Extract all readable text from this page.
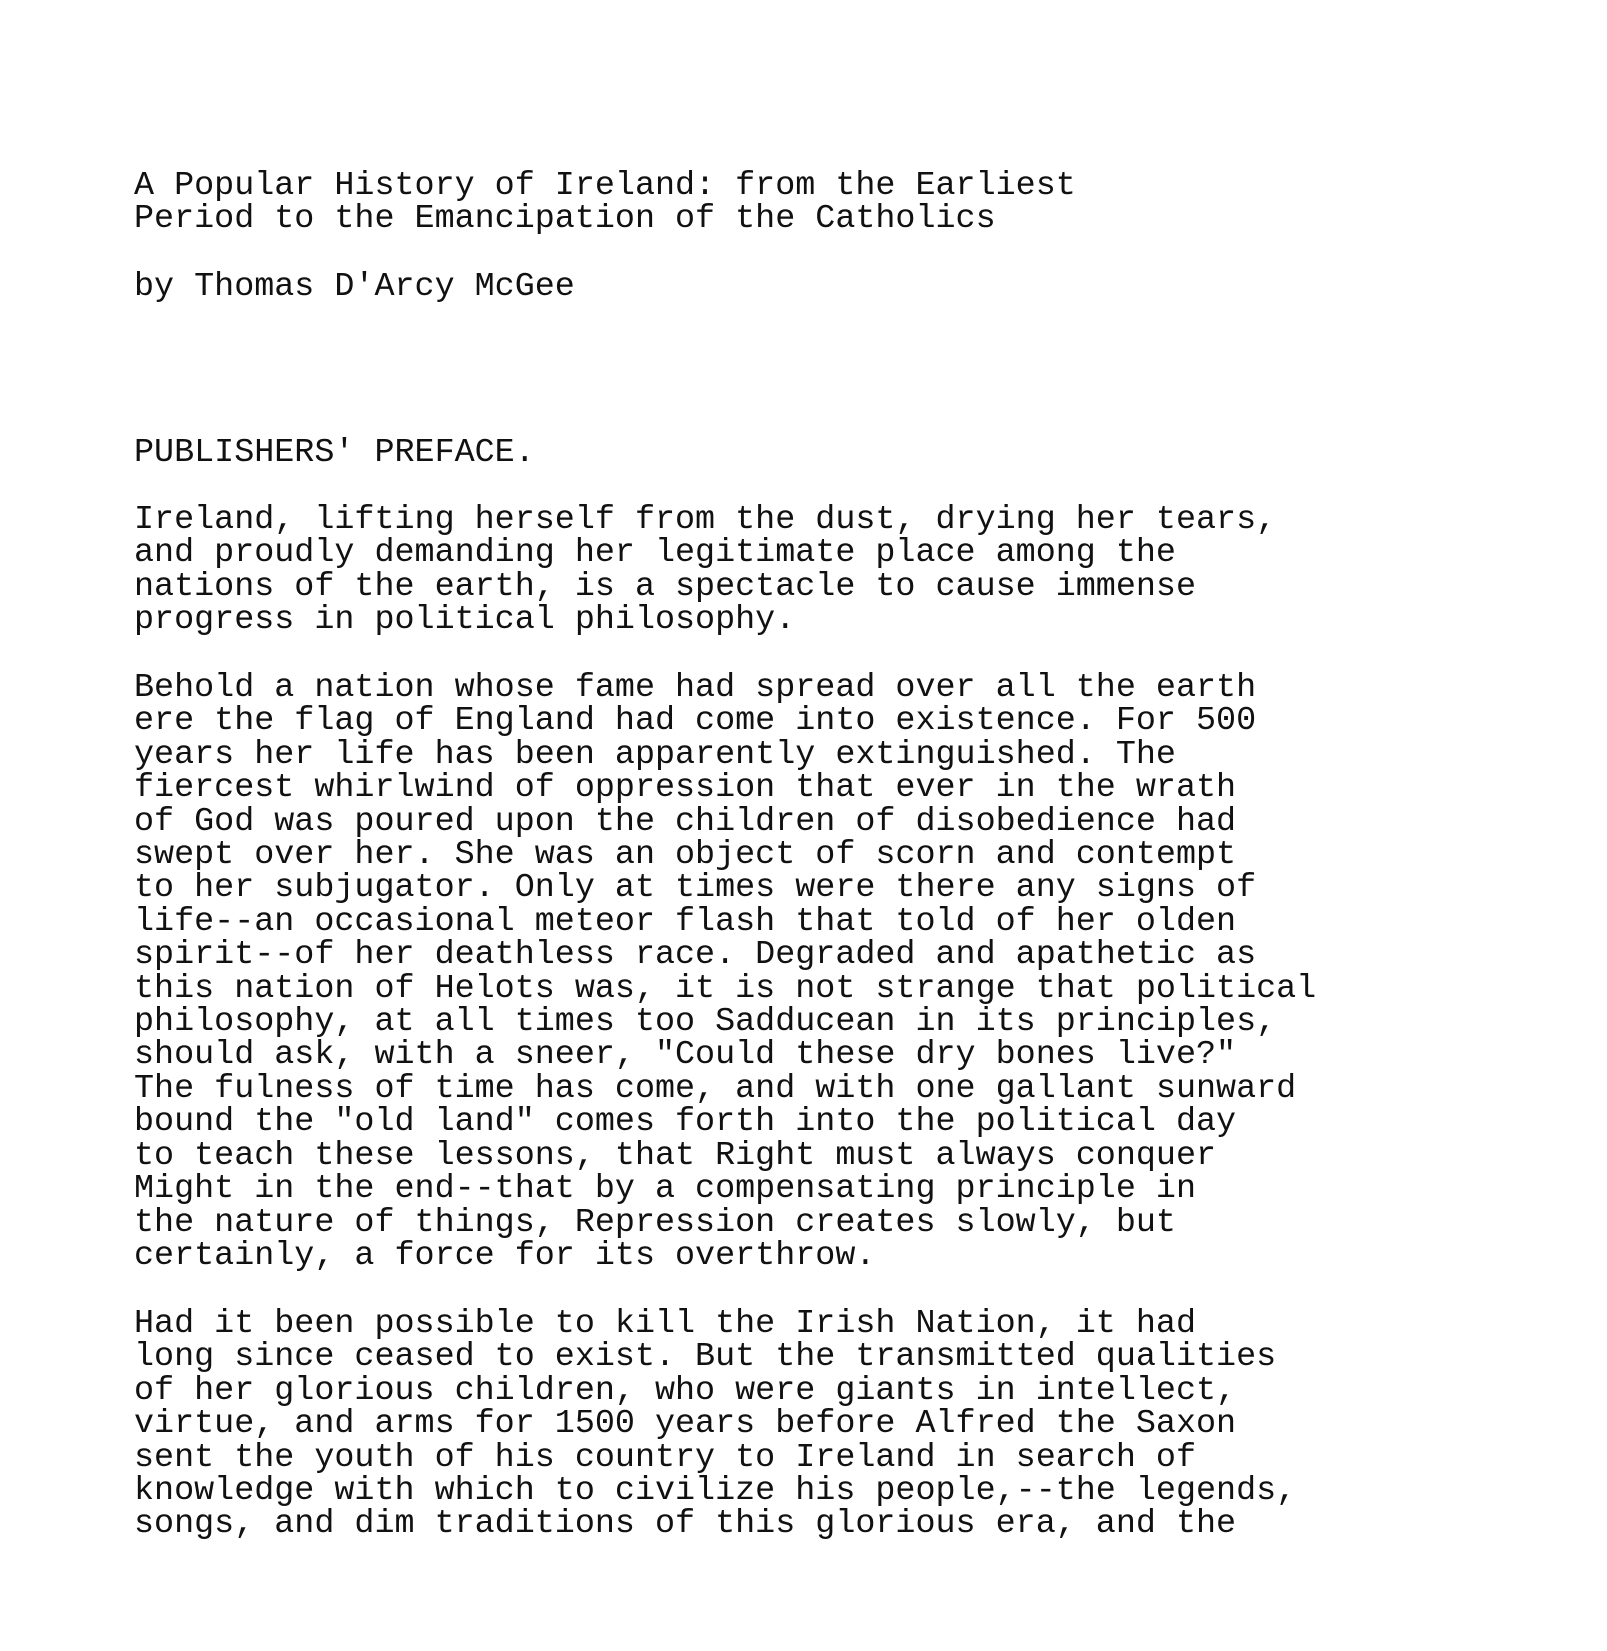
A Popular History of Ireland: from the Earliest
Period to the Emancipation of the Catholics
by Thomas D'Arcy McGee
PUBLISHERS' PREFACE.
Ireland, lifting herself from the dust, drying her tears,
and proudly demanding her legitimate place among the
nations of the earth, is a spectacle to cause immense
progress in political philosophy.
Behold a nation whose fame had spread over all the earth
ere the flag of England had come into existence. For 500
years her life has been apparently extinguished. The
fiercest whirlwind of oppression that ever in the wrath
of God was poured upon the children of disobedience had
swept over her. She was an object of scorn and contempt
to her subjugator. Only at times were there any signs of
life--an occasional meteor flash that told of her olden
spirit--of her deathless race. Degraded and apathetic as
this nation of Helots was, it is not strange that political
philosophy, at all times too Sadducean in its principles,
should ask, with a sneer, "Could these dry bones live?"
The fulness of time has come, and with one gallant sunward
bound the "old land" comes forth into the political day
to teach these lessons, that Right must always conquer
Might in the end--that by a compensating principle in
the nature of things, Repression creates slowly, but
certainly, a force for its overthrow.
Had it been possible to kill the Irish Nation, it had
long since ceased to exist. But the transmitted qualities
of her glorious children, who were giants in intellect,
virtue, and arms for 1500 years before Alfred the Saxon
sent the youth of his country to Ireland in search of
knowledge with which to civilize his people,--the legends,
songs, and dim traditions of this glorious era, and the
